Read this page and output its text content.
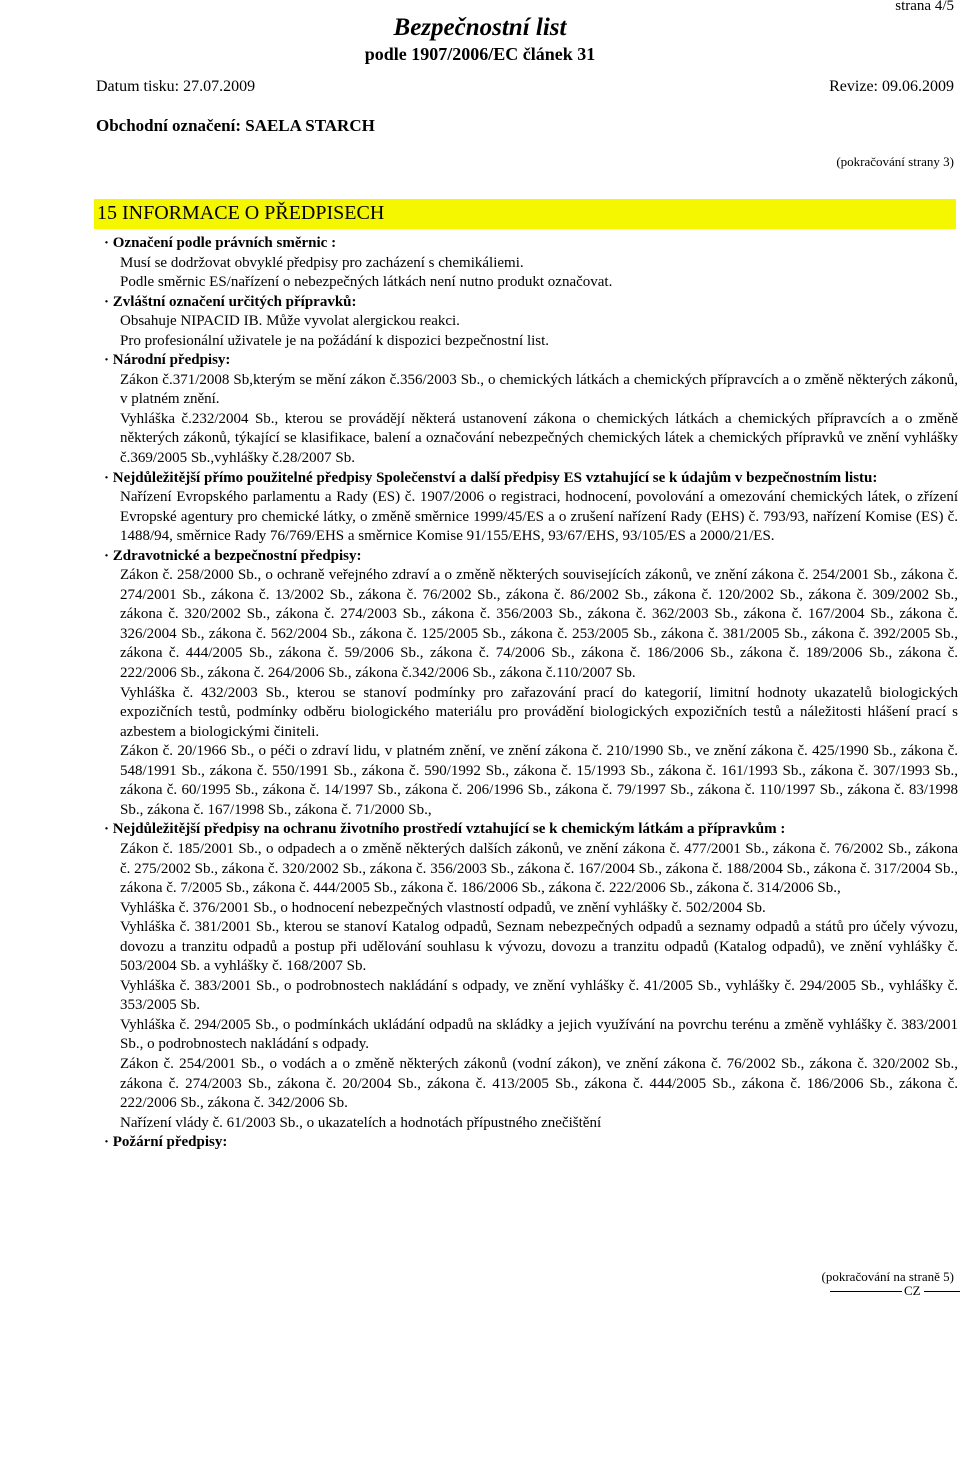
strana 4/5
Bezpečnostní list
podle 1907/2006/EC článek 31
Datum tisku: 27.07.2009	Revize: 09.06.2009
Obchodní označení: SAELA STARCH
(pokračování strany 3)
15 INFORMACE O PŘEDPISECH
· Označení podle právních směrnic :
Musí se dodržovat obvyklé předpisy pro zacházení s chemikáliemi.
Podle směrnic ES/nařízení o nebezpečných látkách není nutno produkt označovat.
· Zvláštní označení určitých přípravků:
Obsahuje NIPACID IB. Může vyvolat alergickou reakci.
Pro profesionální uživatele je na požádání k dispozici bezpečnostní list.
· Národní předpisy:
Zákon č.371/2008 Sb,kterým se mění zákon č.356/2003 Sb., o chemických látkách a chemických přípravcích a o změně některých zákonů, v platném znění.
Vyhláška č.232/2004 Sb., kterou se provádějí některá ustanovení zákona o chemických látkách a chemických přípravcích a o změně některých zákonů, týkající se klasifikace, balení a označování nebezpečných chemických látek a chemických přípravků ve znění vyhlášky č.369/2005 Sb.,vyhlášky č.28/2007 Sb.
· Nejdůležitější přímo použitelné předpisy Společenství a další předpisy ES vztahující se k údajům v bezpečnostním listu:
Nařízení Evropského parlamentu a Rady (ES) č. 1907/2006 o registraci, hodnocení, povolování a omezování chemických látek, o zřízení Evropské agentury pro chemické látky, o změně směrnice 1999/45/ES a o zrušení nařízení Rady (EHS) č. 793/93, nařízení Komise (ES) č. 1488/94, směrnice Rady 76/769/EHS a směrnice Komise 91/155/EHS, 93/67/EHS, 93/105/ES a 2000/21/ES.
· Zdravotnické a bezpečnostní předpisy:
Zákon č. 258/2000 Sb., o ochraně veřejného zdraví a o změně některých souvisejících zákonů, ve znění zákona č. 254/2001 Sb., zákona č. 274/2001 Sb., zákona č. 13/2002 Sb., zákona č. 76/2002 Sb., zákona č. 86/2002 Sb., zákona č. 120/2002 Sb., zákona č. 309/2002 Sb., zákona č. 320/2002 Sb., zákona č. 274/2003 Sb., zákona č. 356/2003 Sb., zákona č. 362/2003 Sb., zákona č. 167/2004 Sb., zákona č. 326/2004 Sb., zákona č. 562/2004 Sb., zákona č. 125/2005 Sb., zákona č. 253/2005 Sb., zákona č. 381/2005 Sb., zákona č. 392/2005 Sb., zákona č. 444/2005 Sb., zákona č. 59/2006 Sb., zákona č. 74/2006 Sb., zákona č. 186/2006 Sb., zákona č. 189/2006 Sb., zákona č. 222/2006 Sb., zákona č. 264/2006 Sb., zákona č.342/2006 Sb., zákona č.110/2007 Sb.
Vyhláška č. 432/2003 Sb., kterou se stanoví podmínky pro zařazování prací do kategorií, limitní hodnoty ukazatelů biologických expozičních testů, podmínky odběru biologického materiálu pro provádění biologických expozičních testů a náležitosti hlášení prací s azbestem a biologickými činiteli.
Zákon č. 20/1966 Sb., o péči o zdraví lidu, v platném znění, ve znění zákona č. 210/1990 Sb., ve znění zákona č. 425/1990 Sb., zákona č. 548/1991 Sb., zákona č. 550/1991 Sb., zákona č. 590/1992 Sb., zákona č. 15/1993 Sb., zákona č. 161/1993 Sb., zákona č. 307/1993 Sb., zákona č. 60/1995 Sb., zákona č. 14/1997 Sb., zákona č. 206/1996 Sb., zákona č. 79/1997 Sb., zákona č. 110/1997 Sb., zákona č. 83/1998 Sb., zákona č. 167/1998 Sb., zákona č. 71/2000 Sb.,
· Nejdůležitější předpisy na ochranu životního prostředí vztahující se k chemickým látkám a přípravkům :
Zákon č. 185/2001 Sb., o odpadech a o změně některých dalších zákonů, ve znění zákona č. 477/2001 Sb., zákona č. 76/2002 Sb., zákona č. 275/2002 Sb., zákona č. 320/2002 Sb., zákona č. 356/2003 Sb., zákona č. 167/2004 Sb., zákona č. 188/2004 Sb., zákona č. 317/2004 Sb., zákona č. 7/2005 Sb., zákona č. 444/2005 Sb., zákona č. 186/2006 Sb., zákona č. 222/2006 Sb., zákona č. 314/2006 Sb.,
Vyhláška č. 376/2001 Sb., o hodnocení nebezpečných vlastností odpadů, ve znění vyhlášky č. 502/2004 Sb.
Vyhláška č. 381/2001 Sb., kterou se stanoví Katalog odpadů, Seznam nebezpečných odpadů a seznamy odpadů a států pro účely vývozu, dovozu a tranzitu odpadů a postup při udělování souhlasu k vývozu, dovozu a tranzitu odpadů (Katalog odpadů), ve znění vyhlášky č. 503/2004 Sb. a vyhlášky č. 168/2007 Sb.
Vyhláška č. 383/2001 Sb., o podrobnostech nakládání s odpady, ve znění vyhlášky č. 41/2005 Sb., vyhlášky č. 294/2005 Sb., vyhlášky č. 353/2005 Sb.
Vyhláška č. 294/2005 Sb., o podmínkách ukládání odpadů na skládky a jejich využívání na povrchu terénu a změně vyhlášky č. 383/2001 Sb., o podrobnostech nakládání s odpady.
Zákon č. 254/2001 Sb., o vodách a o změně některých zákonů (vodní zákon), ve znění zákona č. 76/2002 Sb., zákona č. 320/2002 Sb., zákona č. 274/2003 Sb., zákona č. 20/2004 Sb., zákona č. 413/2005 Sb., zákona č. 444/2005 Sb., zákona č. 186/2006 Sb., zákona č. 222/2006 Sb., zákona č. 342/2006 Sb.
Nařízení vlády č. 61/2003 Sb., o ukazatelích a hodnotách přípustného znečištění
· Požární předpisy:
(pokračování na straně 5)
CZ
